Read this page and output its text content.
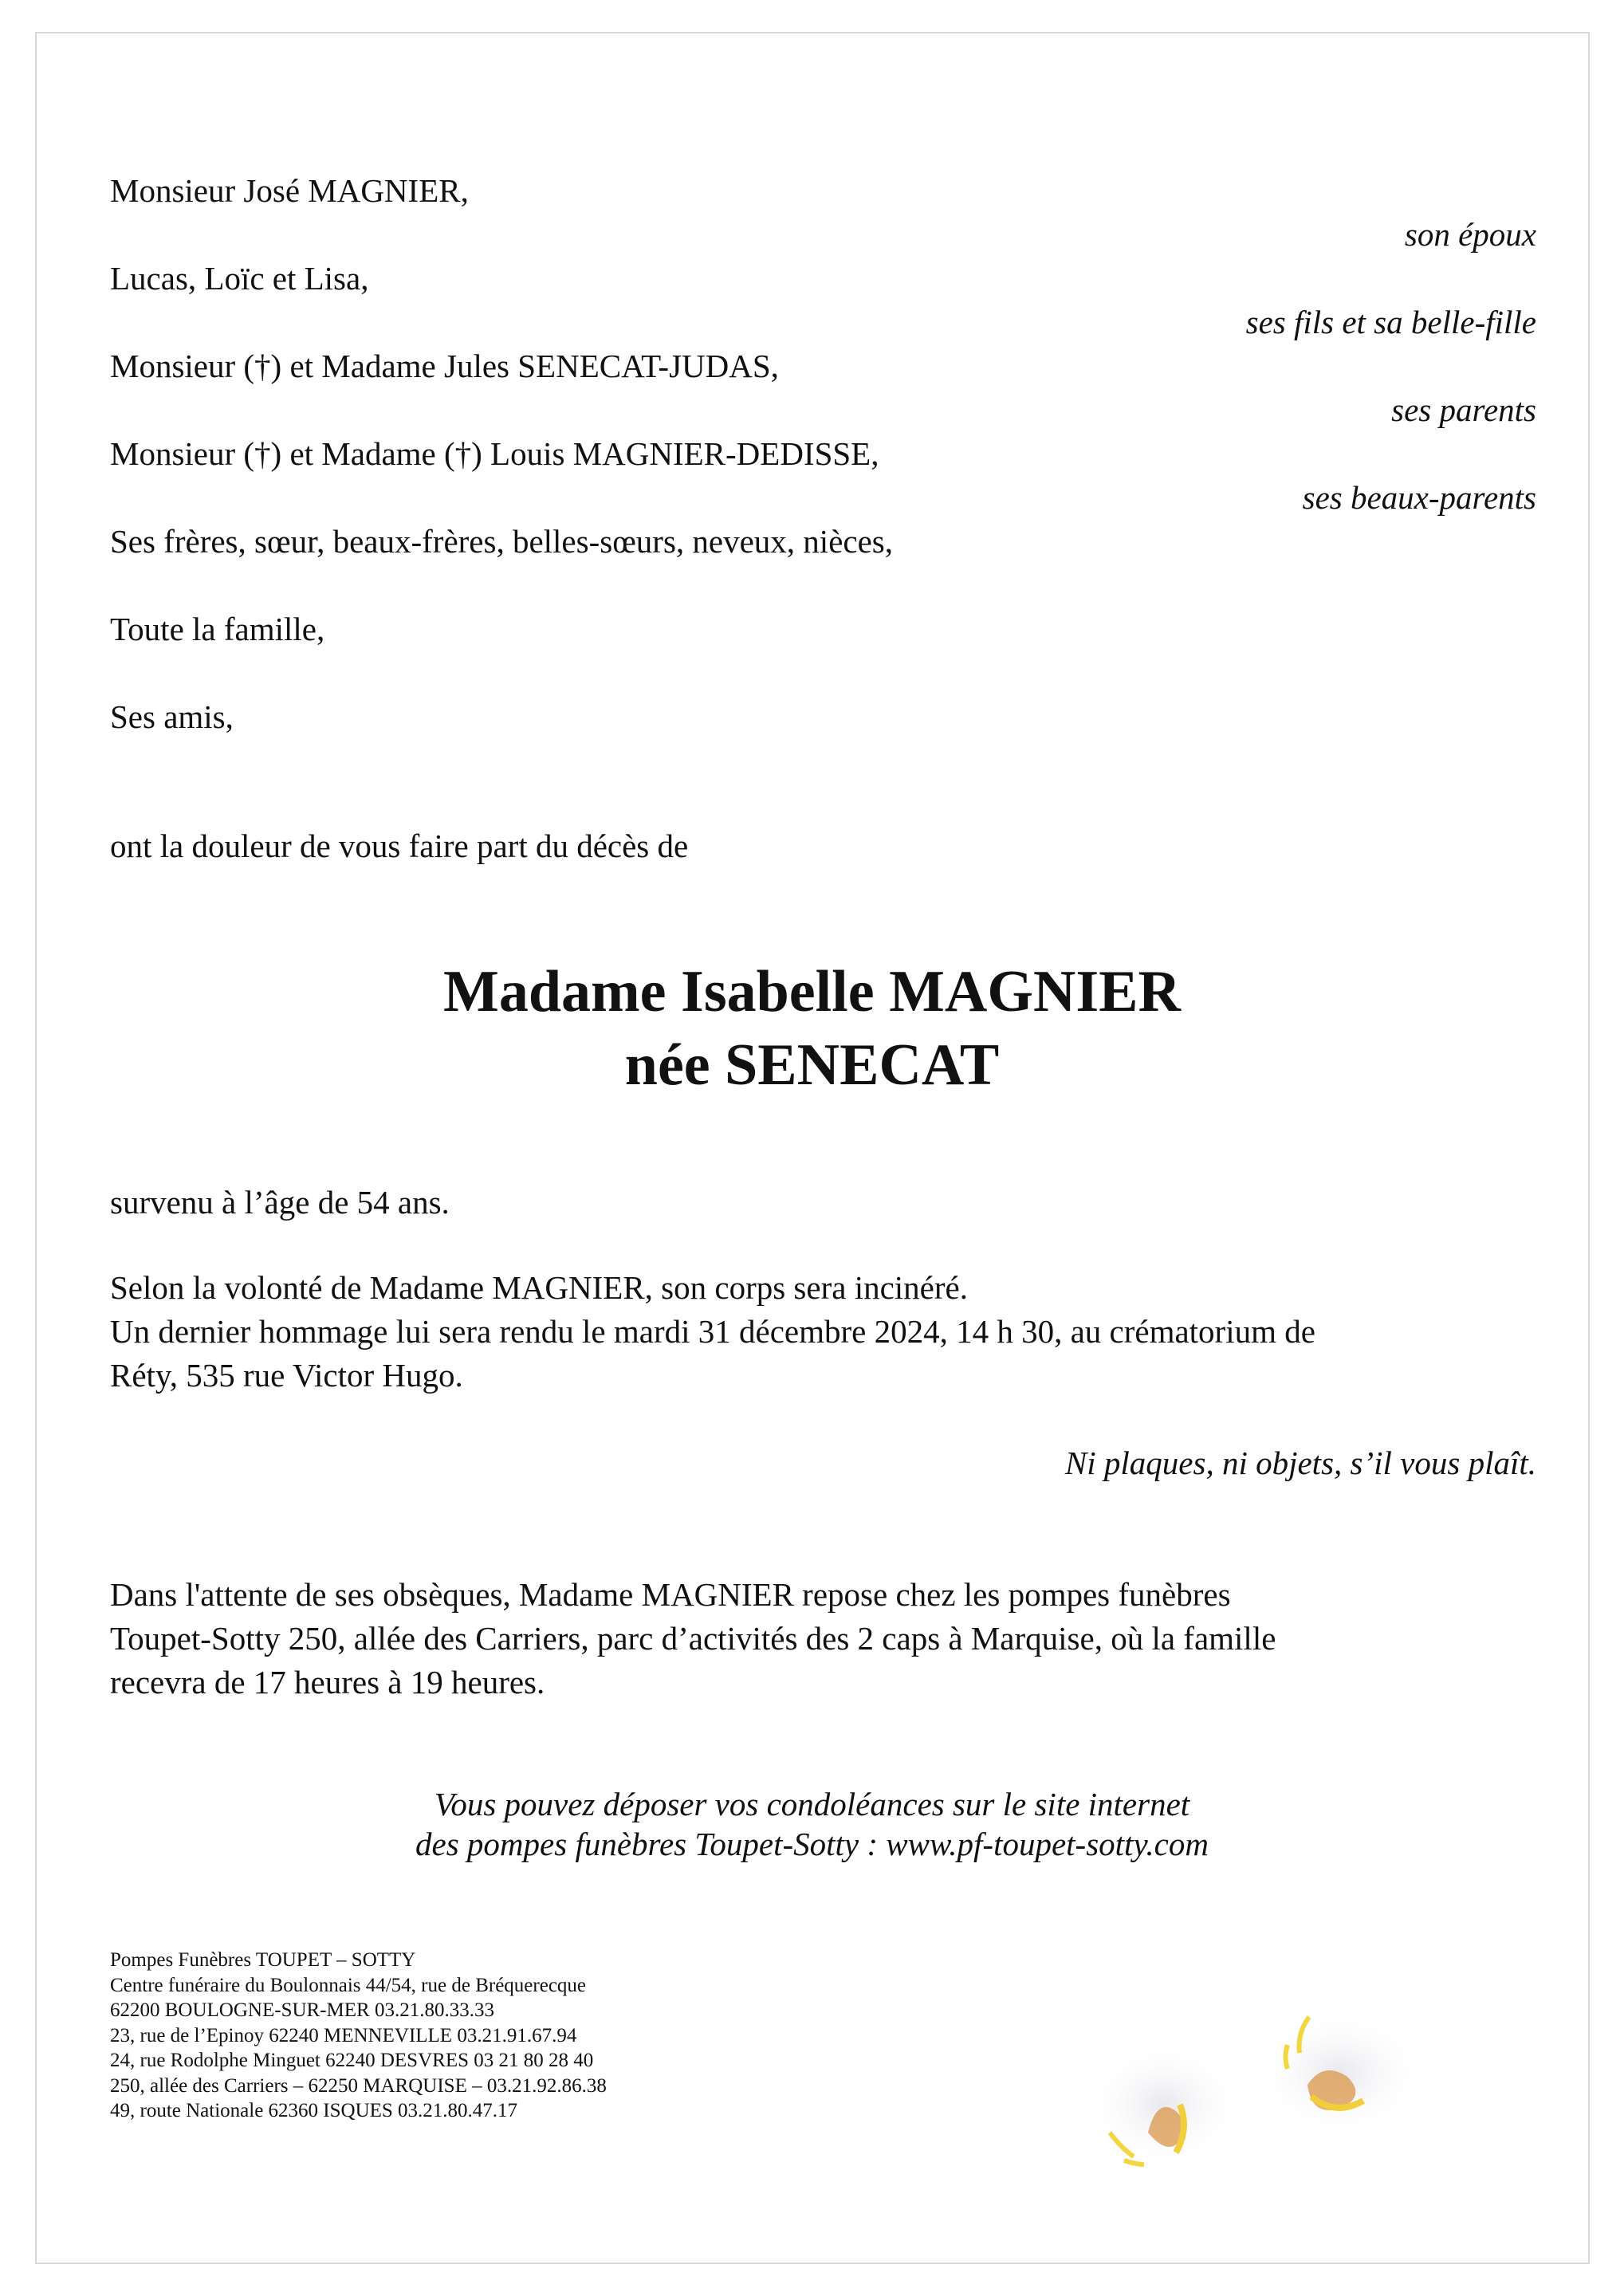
Monsieur José MAGNIER,
Lucas, Loïc et Lisa,
Monsieur (†) et Madame Jules SENECAT-JUDAS,
Monsieur (†) et Madame (†) Louis MAGNIER-DEDISSE,
Ses frères, sœur, beaux-frères, belles-sœurs, neveux, nièces,
Toute la famille,
Ses amis,
son époux
ses fils et sa belle-fille
ses parents
ses beaux-parents
ont la douleur de vous faire part du décès de
Madame Isabelle MAGNIER
née SENECAT
survenu à l’âge de 54 ans.
Selon la volonté de Madame MAGNIER, son corps sera incinéré.
Un dernier hommage lui sera rendu le mardi 31 décembre 2024, 14 h 30, au crématorium de
Réty, 535 rue Victor Hugo.
Ni plaques, ni objets, s’il vous plaît.
Dans l'attente de ses obsèques, Madame MAGNIER repose chez les pompes funèbres
Toupet-Sotty 250, allée des Carriers, parc d’activités des 2 caps à Marquise, où la famille
recevra de 17 heures à 19 heures.
Vous pouvez déposer vos condoléances sur le site internet
des pompes funèbres Toupet-Sotty : www.pf-toupet-sotty.com
Pompes Funèbres TOUPET – SOTTY
Centre funéraire du Boulonnais 44/54, rue de Bréquerecque
62200 BOULOGNE-SUR-MER 03.21.80.33.33
23, rue de l’Epinoy 62240 MENNEVILLE 03.21.91.67.94
24, rue Rodolphe Minguet 62240 DESVRES 03 21 80 28 40
250, allée des Carriers – 62250 MARQUISE – 03.21.92.86.38
49, route Nationale 62360 ISQUES 03.21.80.47.17
